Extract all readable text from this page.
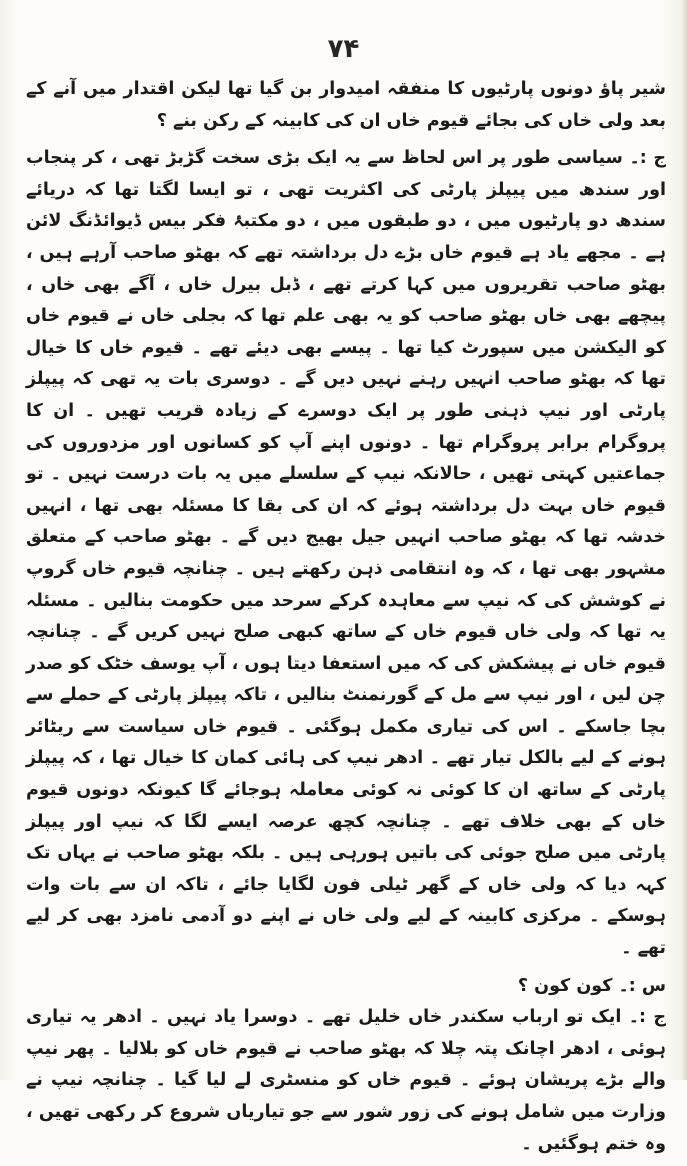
۷۴

شیر پاؤ دونوں پارٹیوں کا منفقہ امیدوار بن گیا تھا لیکن اقتدار میں آنے کے بعد ولی خاں کی بجائے قیوم خاں ان کی کابینہ کے رکن بنے ؟

ج :۔ سیاسی طور پر اس لحاظ سے یہ ایک بڑی سخت گڑبڑ تھی ، کر پنجاب اور سندھ میں پیپلز پارٹی کی اکثریت تھی ، تو ایسا لگتا تھا کہ دریائے سندھ دو پارٹیوں میں ، دو طبقوں میں ، دو مکتبۂ فکر بیس ڈیوائڈنگ لائن ہے ۔ مجھے یاد ہے قیوم خاں بڑے دل برداشتہ تھے کہ بھٹو صاحب آرہے ہیں ، بھٹو صاحب تقریروں میں کہا کرتے تھے ، ڈبل بیرل خاں ، آگے بھی خاں ، پیچھے بھی خاں بھٹو صاحب کو یہ بھی علم تھا کہ بجلی خاں نے قیوم خاں کو الیکشن میں سپورٹ کیا تھا ۔ پیسے بھی دیئے تھے ۔ قیوم خاں کا خیال تھا کہ بھٹو صاحب انہیں رہنے نہیں دیں گے ۔ دوسری بات یہ تھی کہ پیپلز پارٹی اور نیپ ذہنی طور پر ایک دوسرے کے زیادہ قریب تھیں ۔ ان کا پروگرام برابر پروگرام تھا ۔ دونوں اپنے آپ کو کسانوں اور مزدوروں کی جماعتیں کہتی تھیں ، حالانکہ نیپ کے سلسلے میں یہ بات درست نہیں ۔ تو قیوم خاں بہت دل برداشتہ ہوئے کہ ان کی بقا کا مسئلہ بھی تھا ، انہیں خدشہ تھا کہ بھٹو صاحب انہیں جیل بھیج دیں گے ۔ بھٹو صاحب کے متعلق مشہور بھی تھا ، کہ وہ انتقامی ذہن رکھتے ہیں ۔ چنانچہ قیوم خاں گروپ نے کوشش کی کہ نیپ سے معاہدہ کرکے سرحد میں حکومت بنالیں ۔ مسئلہ یہ تھا کہ ولی خاں قیوم خاں کے ساتھ کبھی صلح نہیں کریں گے ۔ چنانچہ قیوم خاں نے پیشکش کی کہ میں استعفا دیتا ہوں ، آپ یوسف خٹک کو صدر چن لیں ، اور نیپ سے مل کے گورنمنٹ بنالیں ، تاکہ پیپلز پارٹی کے حملے سے بچا جاسکے ۔ اس کی تیاری مکمل ہوگئی ۔ قیوم خاں سیاست سے ریٹائر ہونے کے لیے بالکل تیار تھے ۔ ادھر نیپ کی ہائی کمان کا خیال تھا ، کہ پیپلز پارٹی کے ساتھ ان کا کوئی نہ کوئی معاملہ ہوجائے گا کیونکہ دونوں قیوم خاں کے بھی خلاف تھے ۔ چنانچہ کچھ عرصہ ایسے لگا کہ نیپ اور پیپلز پارٹی میں صلح جوئی کی باتیں ہورہی ہیں ۔ بلکہ بھٹو صاحب نے یہاں تک کہہ دیا کہ ولی خاں کے گھر ٹیلی فون لگایا جائے ، تاکہ ان سے بات وات ہوسکے ۔ مرکزی کابینہ کے لیے ولی خاں نے اپنے دو آدمی نامزد بھی کر لیے تھے ۔

س :۔ کون کون ؟

ج :۔ ایک تو ارباب سکندر خاں خلیل تھے ۔ دوسرا یاد نہیں ۔ ادھر یہ تیاری ہوئی ، ادھر اچانک پتہ چلا کہ بھٹو صاحب نے قیوم خاں کو بلالیا ۔ پھر نیپ والے بڑے پریشان ہوئے ۔ قیوم خاں کو منسٹری لے لیا گیا ۔ چنانچہ نیپ نے وزارت میں شامل ہونے کی زور شور سے جو تیاریاں شروع کر رکھی تھیں ، وہ ختم ہوگئیں ۔
